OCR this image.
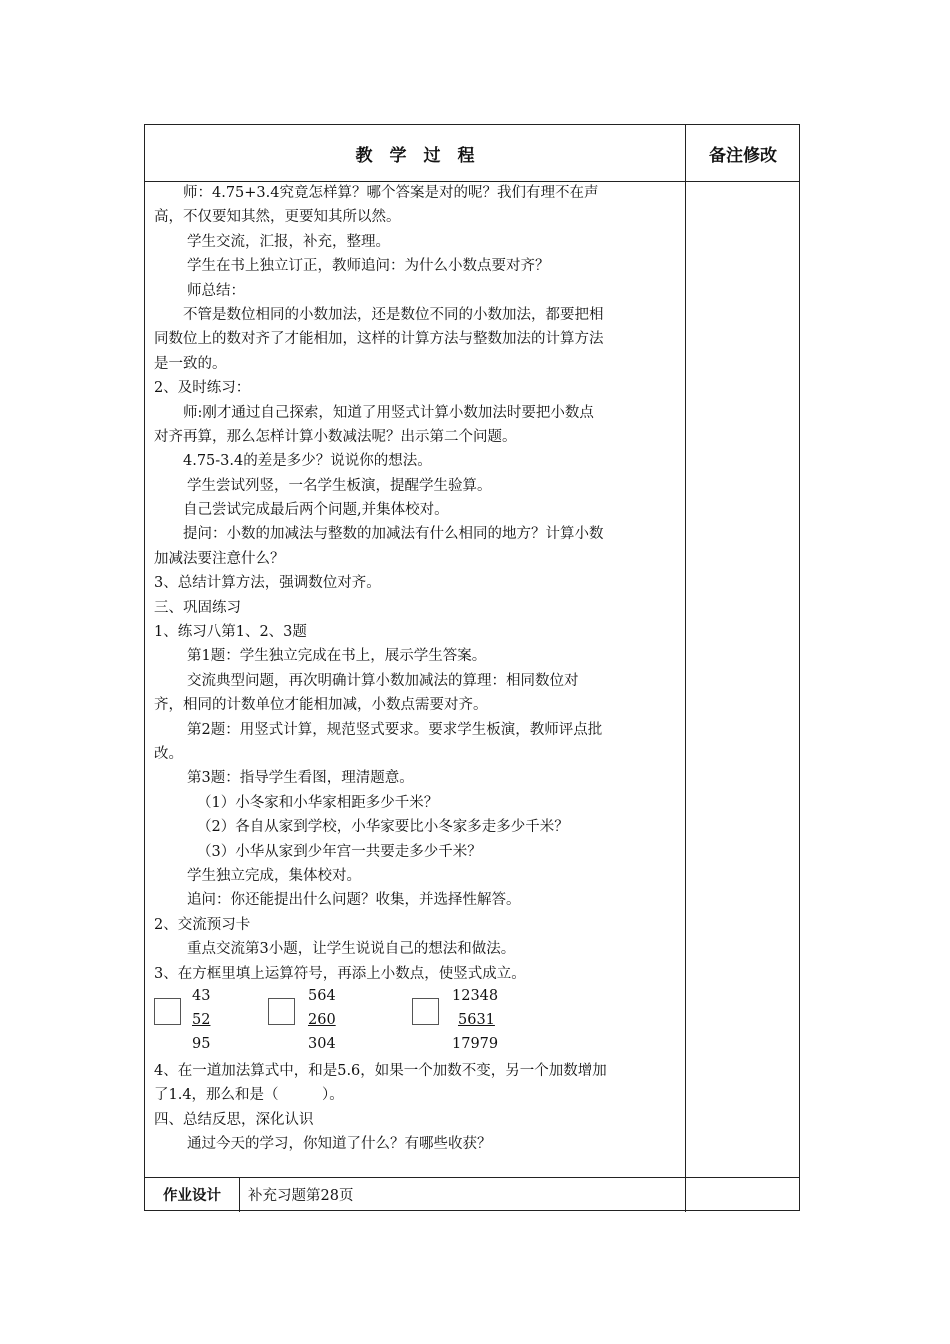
教　学　过　程	备注修改
师：4.75+3.4究竟怎样算？哪个答案是对的呢？我们有理不在声
高，不仅要知其然，更要知其所以然。
学生交流，汇报，补充，整理。
学生在书上独立订正，教师追问：为什么小数点要对齐？
师总结：
不管是数位相同的小数加法，还是数位不同的小数加法，都要把相
同数位上的数对齐了才能相加，这样的计算方法与整数加法的计算方法
是一致的。
2、及时练习：
师:刚才通过自己探索，知道了用竖式计算小数加法时要把小数点
对齐再算，那么怎样计算小数减法呢？出示第二个问题。
4.75-3.4的差是多少？说说你的想法。
学生尝试列竖，一名学生板演，提醒学生验算。
自己尝试完成最后两个问题,并集体校对。
提问：小数的加减法与整数的加减法有什么相同的地方？计算小数
加减法要注意什么？
3、总结计算方法，强调数位对齐。
三、巩固练习
1、练习八第1、2、3题
第1题：学生独立完成在书上，展示学生答案。
交流典型问题，再次明确计算小数加减法的算理：相同数位对
齐，相同的计数单位才能相加减，小数点需要对齐。
第2题：用竖式计算，规范竖式要求。要求学生板演，教师评点批
改。
第3题：指导学生看图，理清题意。
（1）小冬家和小华家相距多少千米？
（2）各自从家到学校，小华家要比小冬家多走多少千米？
（3）小华从家到少年宫一共要走多少千米？
学生独立完成，集体校对。
追问：你还能提出什么问题？收集，并选择性解答。
2、交流预习卡
重点交流第3小题，让学生说说自己的想法和做法。
3、在方框里填上运算符号，再添上小数点，使竖式成立。
43
52
95
564
260
304
12348
5631
17979
4、在一道加法算式中，和是5.6，如果一个加数不变，另一个加数增加
了1.4，那么和是（　　　）。
四、总结反思，深化认识
通过今天的学习，你知道了什么？有哪些收获？
作业设计	补充习题第28页
